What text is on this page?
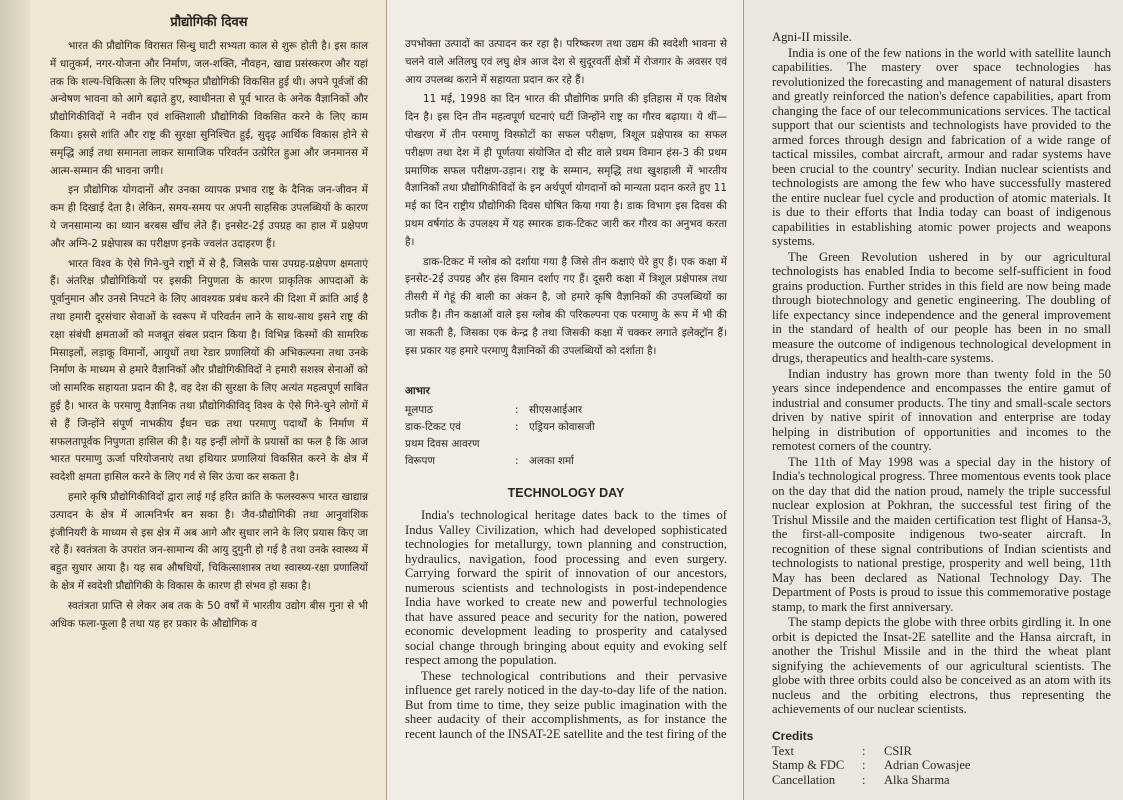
प्रौद्योगिकी दिवस

भारत की प्रौद्योगिक विरासत सिन्धु घाटी सभ्यता काल से शुरू होती है। इस काल में धातुकर्म, नगर-योजना और निर्माण, जल-शक्ति, नौवहन, खाद्य प्रसंस्करण और यहां तक कि शल्य-चिकित्सा के लिए परिष्कृत प्रौद्योगिकी विकसित हुई थी। अपने पूर्वजों की अन्वेषण भावना को आगे बढ़ाते हुए, स्वाधीनता से पूर्व भारत के अनेक वैज्ञानिकों और प्रौद्योगिकीविदों ने नवीन एवं शक्तिशाली प्रौद्योगिकी विकसित करने के लिए काम किया। इससे शांति और राष्ट्र की सुरक्षा सुनिश्चित हुई, सुदृढ़ आर्थिक विकास होने से समृद्धि आई तथा समानता लाकर सामाजिक परिवर्तन उत्प्रेरित हुआ और जनमानस में आत्म-सम्मान की भावना जगी।

इन प्रौद्योगिक योगदानों और उनका व्यापक प्रभाव राष्ट्र के दैनिक जन-जीवन में कम ही दिखाई देता है। लेकिन, समय-समय पर अपनी साहसिक उपलब्धियों के कारण ये जनसामान्य का ध्यान बरबस खींच लेते हैं। इनसेट-2ई उपग्रह का हाल में प्रक्षेपण और अग्नि-2 प्रक्षेपास्त्र का परीक्षण इनके ज्वलंत उदाहरण हैं।

भारत विश्व के ऐसे गिने-चुने राष्ट्रों में से है, जिसके पास उपग्रह-प्रक्षेपण क्षमताएं हैं। अंतरिक्ष प्रौद्योगिकियों पर इसकी निपुणता के कारण प्राकृतिक आपदाओं के पूर्वानुमान और उनसे निपटने के लिए आवश्यक प्रबंध करने की दिशा में क्रांति आई है तथा हमारी दूरसंचार सेवाओं के स्वरूप में परिवर्तन लाने के साथ-साथ इसने राष्ट्र की रक्षा संबंधी क्षमताओं को मजबूत संबल प्रदान किया है। विभिन्न किस्मों की सामरिक मिसाइलों, लड़ाकू विमानों, आयुधों तथा रेडार प्रणालियों की अभिकल्पना तथा उनके निर्माण के माध्यम से हमारे वैज्ञानिकों और प्रौद्योगिकीविदों ने हमारी सशस्त्र सेनाओं को जो सामरिक सहायता प्रदान की है, वह देश की सुरक्षा के लिए अत्यंत महत्वपूर्ण साबित हुई है। भारत के परमाणु वैज्ञानिक तथा प्रौद्योगिकीविद् विश्व के ऐसे गिने-चुने लोगों में से हैं जिन्होंने संपूर्ण नाभकीय ईंधन चक्र तथा परमाणु पदार्थों के निर्माण में सफलतापूर्वक निपुणता हासिल की है। यह इन्हीं लोगों के प्रयासों का फल है कि आज भारत परमाणु ऊर्जा परियोजनाएं तथा हथियार प्रणालियां विकसित करने के क्षेत्र में स्वदेशी क्षमता हासिल करने के लिए गर्व से सिर ऊंचा कर सकता है।

हमारे कृषि प्रौद्योगिकीविदों द्वारा लाई गई हरित क्रांति के फलस्वरूप भारत खाद्यान्न उत्पादन के क्षेत्र में आत्मनिर्भर बन सका है। जैव-प्रौद्योगिकी तथा आनुवांशिक इंजीनियरी के माध्यम से इस क्षेत्र में अब आगे और सुधार लाने के लिए प्रयास किए जा रहे हैं। स्वतंत्रता के उपरांत जन-सामान्य की आयु दुगुनी हो गई है तथा उनके स्वास्थ्य में बहुत सुधार आया है। यह सब औषधियों, चिकित्साशास्त्र तथा स्वास्थ्य-रक्षा प्रणालियों के क्षेत्र में स्वदेशी प्रौद्योगिकी के विकास के कारण ही संभव हो सका है।

स्वतंत्रता प्राप्ति से लेकर अब तक के 50 वर्षों में भारतीय उद्योग बीस गुना से भी अधिक फला-फूला है तथा यह हर प्रकार के औद्योगिक व

उपभोक्ता उत्पादों का उत्पादन कर रहा है। परिष्करण तथा उद्यम की स्वदेशी भावना से चलने वाले अतिलघु एवं लघु क्षेत्र आज देश से सुदूरवर्ती क्षेत्रों में रोजगार के अवसर एवं आय उपलब्ध कराने में सहायता प्रदान कर रहे हैं।

11 मई, 1998 का दिन भारत की प्रौद्योगिक प्रगति की इतिहास में एक विशेष दिन है। इस दिन तीन महत्वपूर्ण घटनाएं घटीं जिन्होंने राष्ट्र का गौरव बढ़ाया। ये थीं—पोखरण में तीन परमाणु विस्फोटों का सफल परीक्षण, त्रिशूल प्रक्षेपास्त्र का सफल परीक्षण तथा देश में ही पूर्णतया संयोजित दो सीट वाले प्रथम विमान हंस-3 की प्रथम प्रमाणिक सफल परीक्षण-उड़ान। राष्ट्र के सम्मान, समृद्धि तथा खुशहाली में भारतीय वैज्ञानिकों तथा प्रौद्योगिकीविदों के इन अर्थपूर्ण योगदानों को मान्यता प्रदान करते हुए 11 मई का दिन राष्ट्रीय प्रौद्योगिकी दिवस घोषित किया गया है। डाक विभाग इस दिवस की प्रथम वर्षगांठ के उपलक्ष्य में यह स्मारक डाक-टिकट जारी कर गौरव का अनुभव करता है।

डाक-टिकट में ग्लोब को दर्शाया गया है जिसे तीन कक्षाएं घेरे हुए हैं। एक कक्षा में इनसेट-2ई उपग्रह और हंस विमान दर्शाए गए हैं। दूसरी कक्षा में त्रिशूल प्रक्षेपास्त्र तथा तीसरी में गेहूं की बाली का अंकन है, जो हमारे कृषि वैज्ञानिकों की उपलब्धियों का प्रतीक है। तीन कक्षाओं वाले इस ग्लोब की परिकल्पना एक परमाणु के रूप में भी की जा सकती है, जिसका एक केन्द्र है तथा जिसकी कक्षा में चक्कर लगाते इलेक्ट्रॉन हैं। इस प्रकार यह हमारे परमाणु वैज्ञानिकों की उपलब्धियों को दर्शाता है।

आभार
मूलपाठ	:	सीएसआईआर
डाक-टिकट एवं	:	एड्रियन कोवासजी
प्रथम दिवस आवरण
विरूपण	:	अलका शर्मा
TECHNOLOGY DAY

India's technological heritage dates back to the times of Indus Valley Civilization, which had developed sophisticated technologies for metallurgy, town planning and construction, hydraulics, navigation, food processing and even surgery. Carrying forward the spirit of innovation of our ancestors, numerous scientists and technologists in post-independence India have worked to create new and powerful technologies that have assured peace and security for the nation, powered economic development leading to prosperity and catalysed social change through bringing about equity and evoking self respect among the population.

These technological contributions and their pervasive influence get rarely noticed in the day-to-day life of the nation. But from time to time, they seize public imagination with the sheer audacity of their accomplishments, as for instance the recent launch of the INSAT-2E satellite and the test firing of the

Agni-II missile.

India is one of the few nations in the world with satellite launch capabilities. The mastery over space technologies has revolutionized the forecasting and management of natural disasters and greatly reinforced the nation's defence capabilities, apart from changing the face of our telecommunications services. The tactical support that our scientists and technologists have provided to the armed forces through design and fabrication of a wide range of tactical missiles, combat aircraft, armour and radar systems have been crucial to the country' security. Indian nuclear scientists and technologists are among the few who have successfully mastered the entire nuclear fuel cycle and production of atomic materials. It is due to their efforts that India today can boast of indigenous capabilities in establishing atomic power projects and weapons systems.

The Green Revolution ushered in by our agricultural technologists has enabled India to become self-sufficient in food grains production. Further strides in this field are now being made through biotechnology and genetic engineering. The doubling of life expectancy since independence and the general improvement in the standard of health of our people has been in no small measure the outcome of indigenous technological development in drugs, therapeutics and health-care systems.

Indian industry has grown more than twenty fold in the 50 years since independence and encompasses the entire gamut of industrial and consumer products. The tiny and small-scale sectors driven by native spirit of innovation and enterprise are today helping in distribution of opportunities and incomes to the remotest corners of the country.

The 11th of May 1998 was a special day in the history of India's technological progress. Three momentous events took place on the day that did the nation proud, namely the triple successful nuclear explosion at Pokhran, the successful test firing of the Trishul Missile and the maiden certification test flight of Hansa-3, the first-all-composite indigenous two-seater aircraft. In recognition of these signal contributions of Indian scientists and technologists to national prestige, prosperity and well being, 11th May has been declared as National Technology Day. The Department of Posts is proud to issue this commemorative postage stamp, to mark the first anniversary.

The stamp depicts the globe with three orbits girdling it. In one orbit is depicted the Insat-2E satellite and the Hansa aircraft, in another the Trishul Missile and in the third the wheat plant signifying the achievements of our agricultural scientists. The globe with three orbits could also be conceived as an atom with its nucleus and the orbiting electrons, thus representing the achievements of our nuclear scientists.

Credits
Text	:	CSIR
Stamp & FDC	:	Adrian Cowasjee
Cancellation	:	Alka Sharma
